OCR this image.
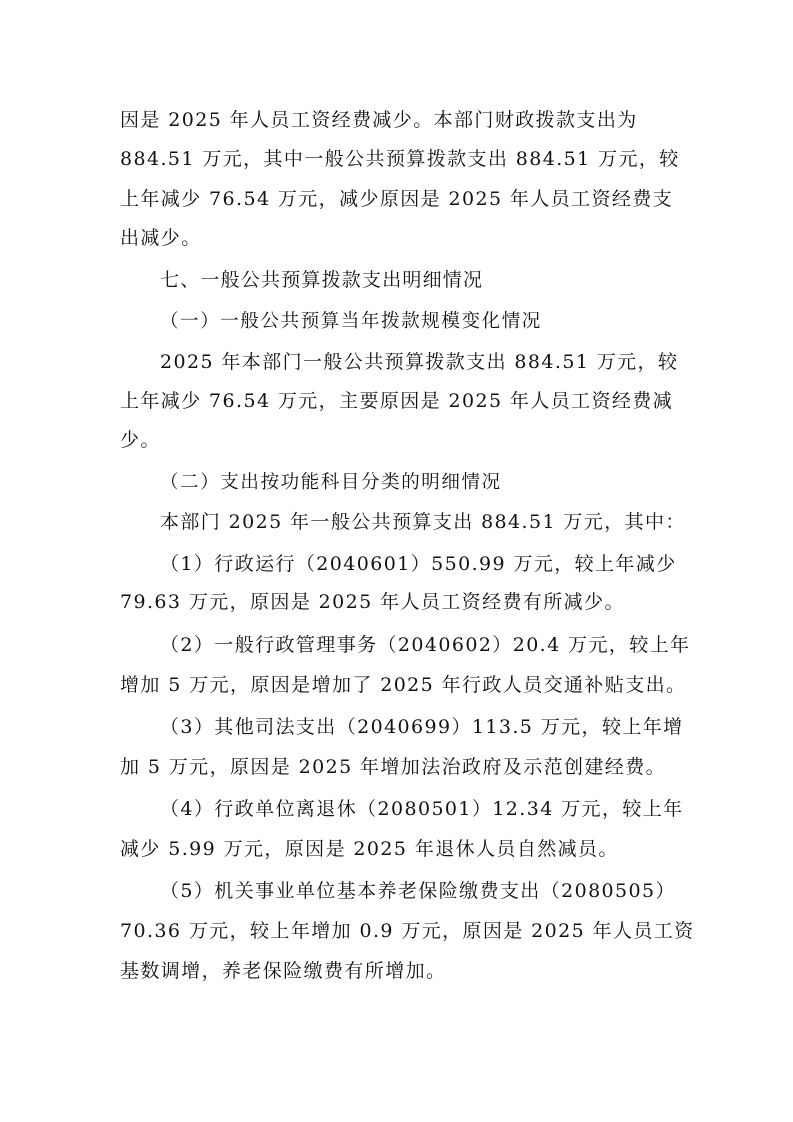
因是 2025 年人员工资经费减少。本部门财政拨款支出为
884.51 万元，其中一般公共预算拨款支出 884.51 万元，较
上年减少 76.54 万元，减少原因是 2025 年人员工资经费支
出减少。
七、一般公共预算拨款支出明细情况
（一）一般公共预算当年拨款规模变化情况
2025 年本部门一般公共预算拨款支出 884.51 万元，较
上年减少 76.54 万元，主要原因是 2025 年人员工资经费减
少。
（二）支出按功能科目分类的明细情况
本部门 2025 年一般公共预算支出 884.51 万元，其中：
（1）行政运行（2040601）550.99 万元，较上年减少
79.63 万元，原因是 2025 年人员工资经费有所减少。
（2）一般行政管理事务（2040602）20.4 万元，较上年
增加 5 万元，原因是增加了 2025 年行政人员交通补贴支出。
（3）其他司法支出（2040699）113.5 万元，较上年增
加 5 万元，原因是 2025 年增加法治政府及示范创建经费。
（4）行政单位离退休（2080501）12.34 万元，较上年
减少 5.99 万元，原因是 2025 年退休人员自然减员。
（5）机关事业单位基本养老保险缴费支出（2080505）
70.36 万元，较上年增加 0.9 万元，原因是 2025 年人员工资
基数调增，养老保险缴费有所增加。
